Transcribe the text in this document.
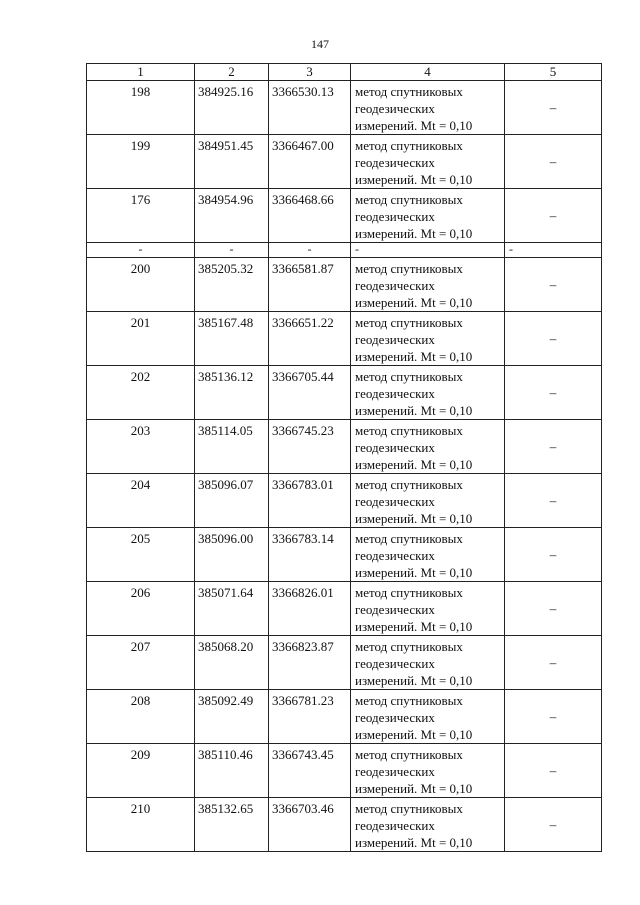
147
1	2	3	4	5
198	384925.16	3366530.13	метод спутниковых
геодезических
измерений. Mt = 0,10	–
199	384951.45	3366467.00	метод спутниковых
геодезических
измерений. Mt = 0,10	–
176	384954.96	3366468.66	метод спутниковых
геодезических
измерений. Mt = 0,10	–
-	-	-	-	-
200	385205.32	3366581.87	метод спутниковых
геодезических
измерений. Mt = 0,10	–
201	385167.48	3366651.22	метод спутниковых
геодезических
измерений. Mt = 0,10	–
202	385136.12	3366705.44	метод спутниковых
геодезических
измерений. Mt = 0,10	–
203	385114.05	3366745.23	метод спутниковых
геодезических
измерений. Mt = 0,10	–
204	385096.07	3366783.01	метод спутниковых
геодезических
измерений. Mt = 0,10	–
205	385096.00	3366783.14	метод спутниковых
геодезических
измерений. Mt = 0,10	–
206	385071.64	3366826.01	метод спутниковых
геодезических
измерений. Mt = 0,10	–
207	385068.20	3366823.87	метод спутниковых
геодезических
измерений. Mt = 0,10	–
208	385092.49	3366781.23	метод спутниковых
геодезических
измерений. Mt = 0,10	–
209	385110.46	3366743.45	метод спутниковых
геодезических
измерений. Mt = 0,10	–
210	385132.65	3366703.46	метод спутниковых
геодезических
измерений. Mt = 0,10	–
